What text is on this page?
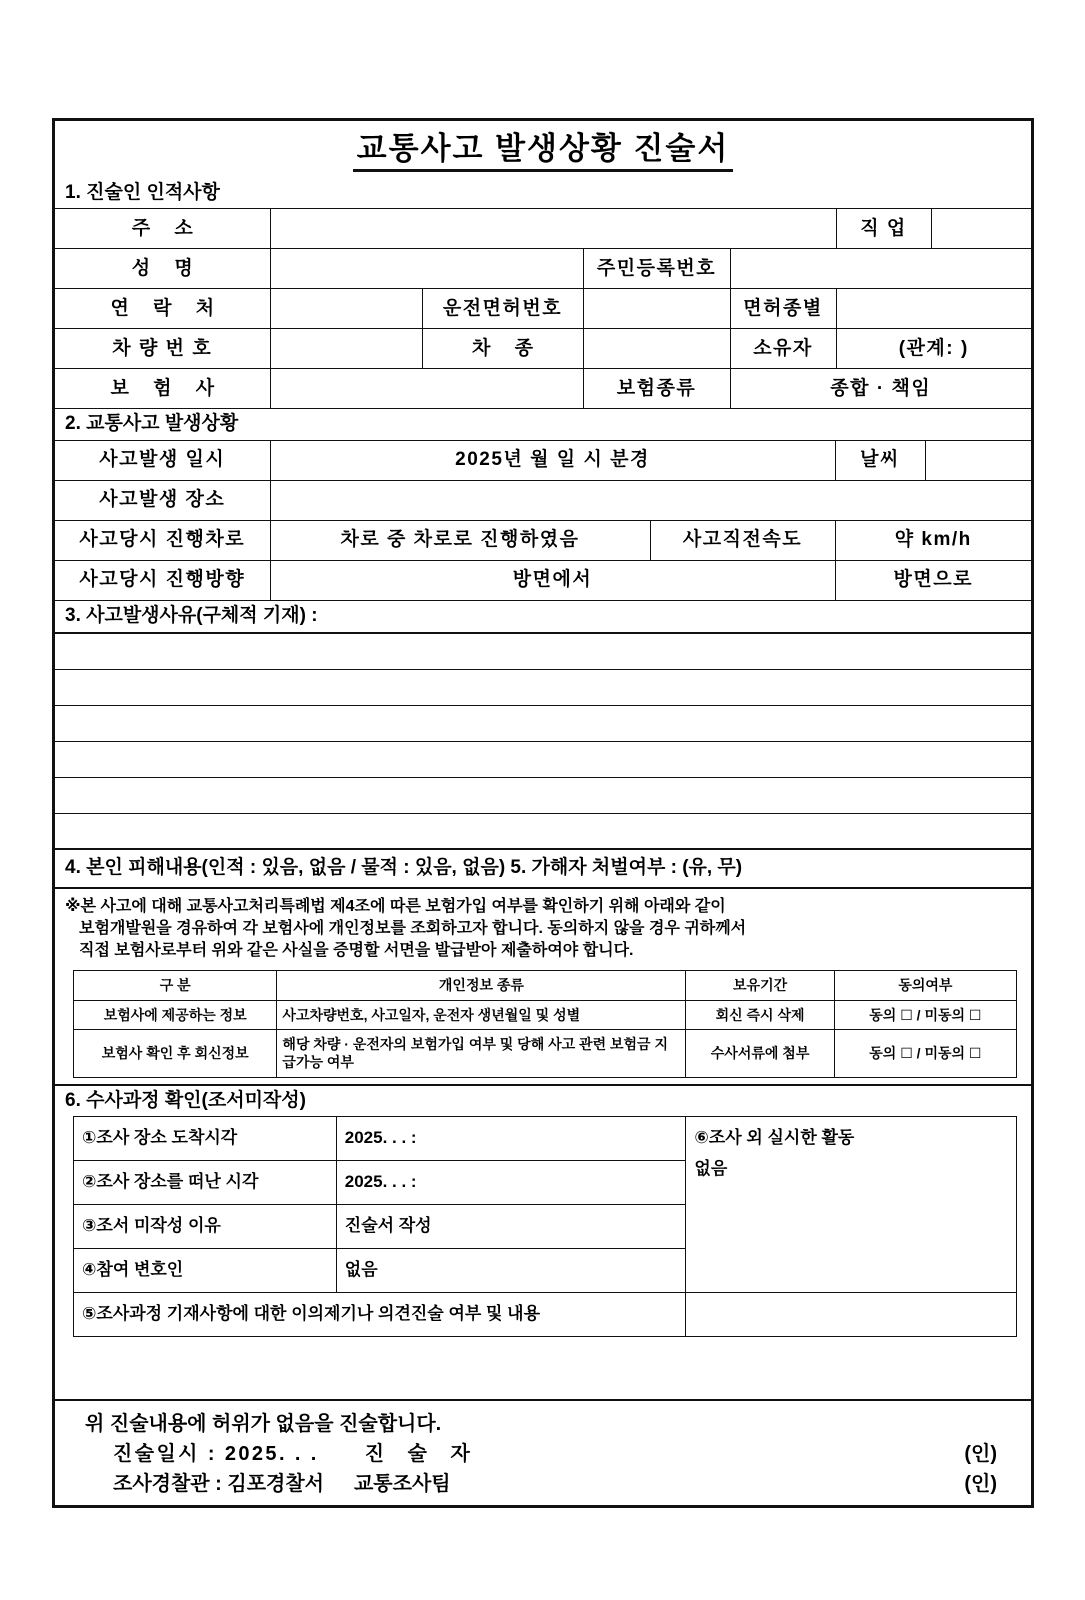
교통사고 발생상황 진술서
1. 진술인 인적사항
주 소					직 업	
성 명			주민등록번호			
연 락 처		운전면허번호		면허종별		
차 량 번 호		차 종		소유자	(관계: )	
보 험 사			보험종류	종합 · 책임		
2. 교통사고 발생상황
사고발생 일시	2025년 월 일 시 분경		날씨	
사고발생 장소				
사고당시 진행차로	차로 중 차로로 진행하였음	사고직전속도	약 km/h	
사고당시 진행방향	방면에서		방면으로	
3. 사고발생사유(구체적 기재) :
4. 본인 피해내용(인적 : 있음, 없음 / 물적 : 있음, 없음) 5. 가해자 처벌여부 : (유, 무)

※본 사고에 대해 교통사고처리특례법 제4조에 따른 보험가입 여부를 확인하기 위해 아래와 같이

보험개발원을 경유하여 각 보험사에 개인정보를 조회하고자 합니다. 동의하지 않을 경우 귀하께서

직접 보험사로부터 위와 같은 사실을 증명할 서면을 발급받아 제출하여야 합니다.

구 분	개인정보 종류	보유기간	동의여부
보험사에 제공하는 정보	사고차량번호, 사고일자, 운전자 생년월일 및 성별	회신 즉시 삭제	동의 ☐ / 미동의 ☐
보험사 확인 후 회신정보	해당 차량 · 운전자의 보험가입 여부 및 당해 사고 관련 보험금 지급가능 여부	수사서류에 첨부	동의 ☐ / 미동의 ☐
6. 수사과정 확인(조서미작성)
①조사 장소 도착시각	2025. . . :	⑥조사 외 실시한 활동
없음

②조사 장소를 떠난 시각	2025. . . :	
③조서 미작성 이유	진술서 작성	
④참여 변호인	없음	
⑤조사과정 기재사항에 대한 이의제기나 의견진술 여부 및 내용		
위 진술내용에 허위가 없음을 진술합니다.
진술일시 : 2025. . .	진 술 자	(인)
조사경찰관 : 김포경찰서	교통조사팀	(인)
